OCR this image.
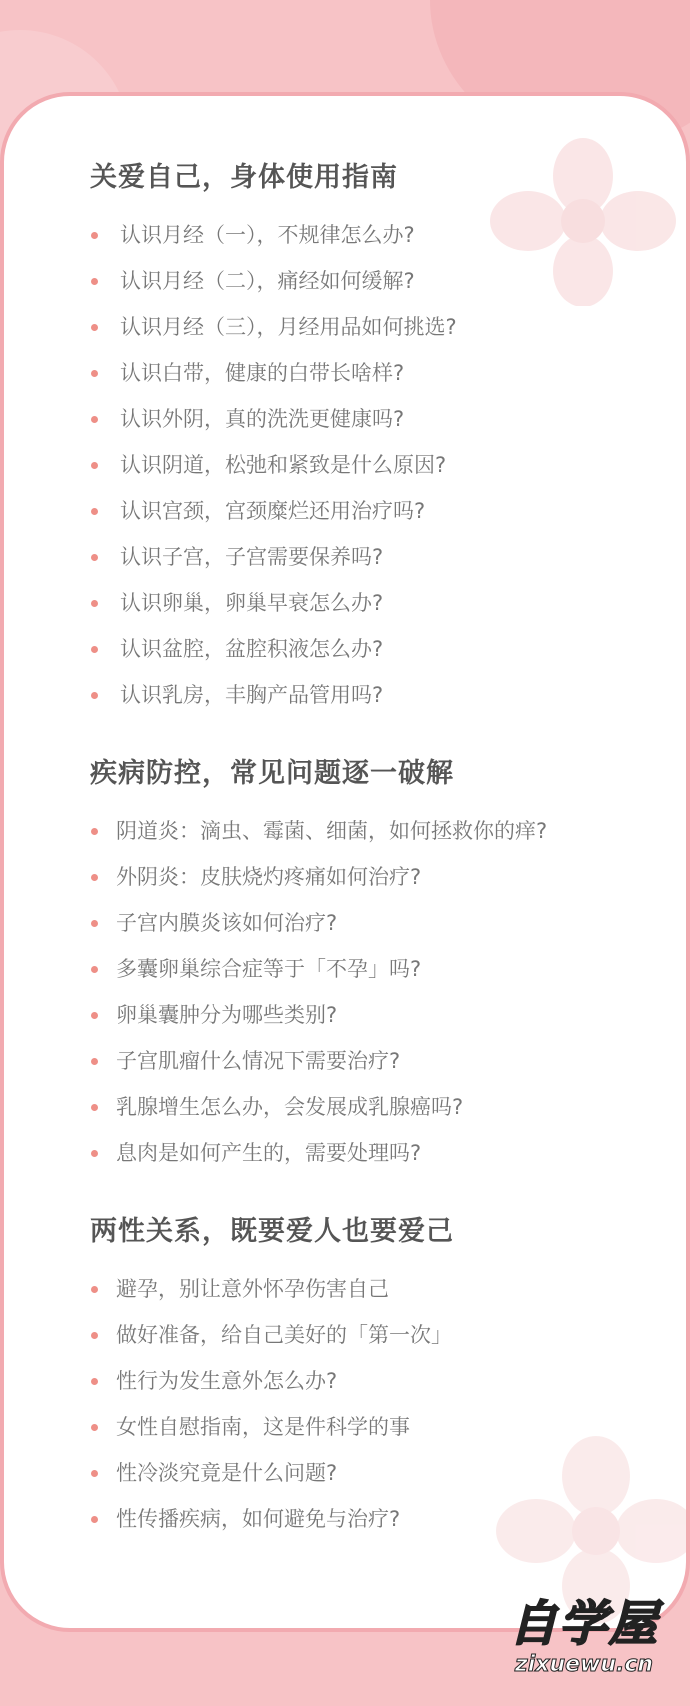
关爱自己，身体使用指南
认识月经（一），不规律怎么办?
认识月经（二），痛经如何缓解?
认识月经（三），月经用品如何挑选?
认识白带，健康的白带长啥样?
认识外阴，真的洗洗更健康吗?
认识阴道，松弛和紧致是什么原因?
认识宫颈，宫颈糜烂还用治疗吗?
认识子宫，子宫需要保养吗?
认识卵巢，卵巢早衰怎么办?
认识盆腔，盆腔积液怎么办?
认识乳房，丰胸产品管用吗?
疾病防控，常见问题逐一破解
阴道炎：滴虫、霉菌、细菌，如何拯救你的痒?
外阴炎：皮肤烧灼疼痛如何治疗?
子宫内膜炎该如何治疗?
多囊卵巢综合症等于「不孕」吗?
卵巢囊肿分为哪些类别?
子宫肌瘤什么情况下需要治疗?
乳腺增生怎么办，会发展成乳腺癌吗?
息肉是如何产生的，需要处理吗?
两性关系，既要爱人也要爱己
避孕，别让意外怀孕伤害自己
做好准备，给自己美好的「第一次」
性行为发生意外怎么办?
女性自慰指南，这是件科学的事
性冷淡究竟是什么问题?
性传播疾病，如何避免与治疗?
自学屋
zixuewu.cn
